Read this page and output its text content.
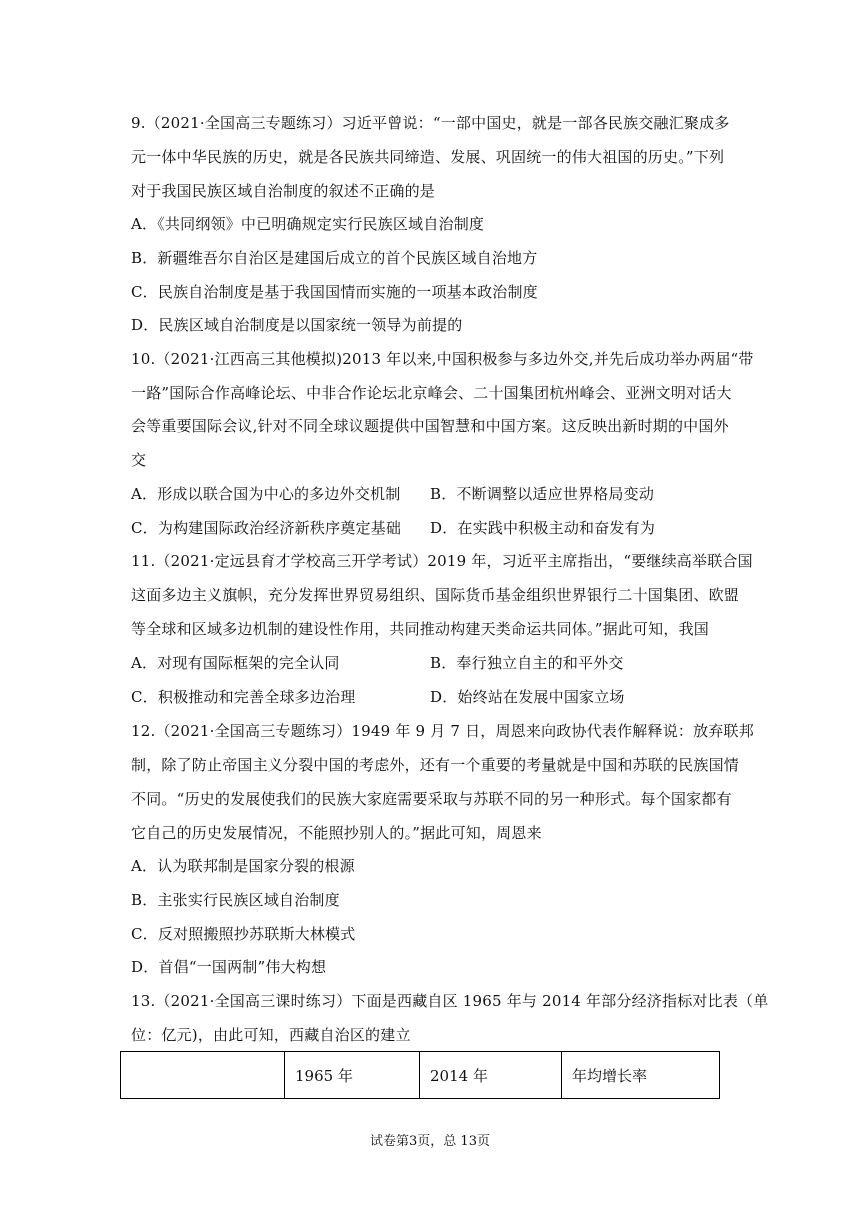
9.（2021·全国高三专题练习）习近平曾说：“一部中国史，就是一部各民族交融汇聚成多
元一体中华民族的历史，就是各民族共同缔造、发展、巩固统一的伟大祖国的历史。”下列
对于我国民族区域自治制度的叙述不正确的是
A．《共同纲领》中已明确规定实行民族区域自治制度
B．新疆维吾尔自治区是建国后成立的首个民族区域自治地方
C．民族自治制度是基于我国国情而实施的一项基本政治制度
D．民族区域自治制度是以国家统一领导为前提的
10.（2021·江西高三其他模拟)2013 年以来,中国积极参与多边外交,并先后成功举办两届“带
一路”国际合作高峰论坛、中非合作论坛北京峰会、二十国集团杭州峰会、亚洲文明对话大
会等重要国际会议,针对不同全球议题提供中国智慧和中国方案。这反映出新时期的中国外
交
A．形成以联合国为中心的多边外交机制 B．不断调整以适应世界格局变动
C．为构建国际政治经济新秩序奠定基础 D．在实践中积极主动和奋发有为
11.（2021·定远县育才学校高三开学考试）2019 年，习近平主席指出，“要继续高举联合国
这面多边主义旗帜，充分发挥世界贸易组织、国际货币基金组织世界银行二十国集团、欧盟
等全球和区域多边机制的建设性作用，共同推动构建天类命运共同体。”据此可知，我国
A．对现有国际框架的完全认同	B．奉行独立自主的和平外交
C．积极推动和完善全球多边治理	D．始终站在发展中国家立场
12.（2021·全国高三专题练习）1949 年 9 月 7 日，周恩来向政协代表作解释说：放弃联邦
制，除了防止帝国主义分裂中国的考虑外，还有一个重要的考量就是中国和苏联的民族国情
不同。“历史的发展使我们的民族大家庭需要采取与苏联不同的另一种形式。每个国家都有
它自己的历史发展情况，不能照抄别人的。”据此可知，周恩来
A．认为联邦制是国家分裂的根源
B．主张实行民族区域自治制度
C．反对照搬照抄苏联斯大林模式
D．首倡“一国两制”伟大构想
13.（2021·全国高三课时练习）下面是西藏自区 1965 年与 2014 年部分经济指标对比表（单
位：亿元)，由此可知，西藏自治区的建立
	1965 年	2014 年	年均增长率
试卷第3页，总 13页
